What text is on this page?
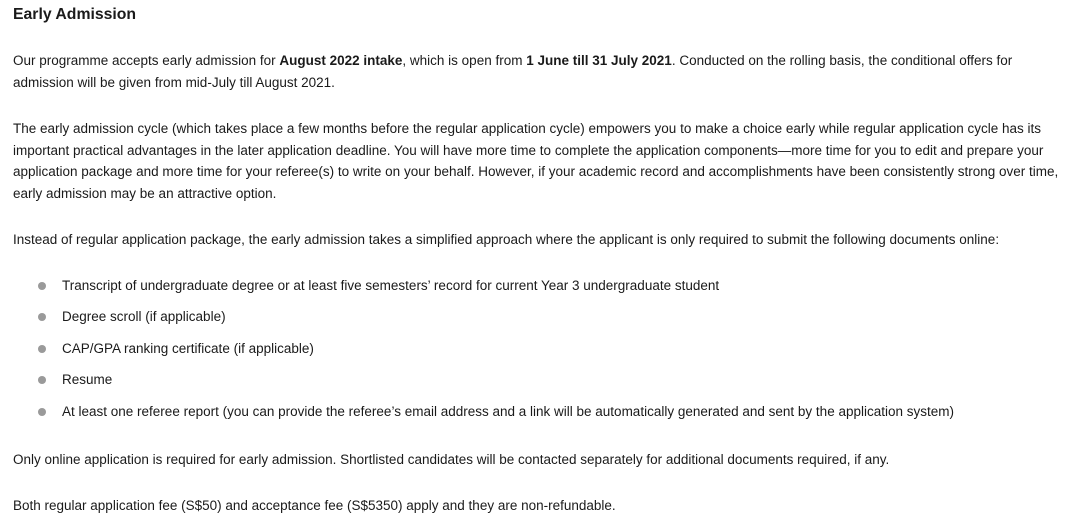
Early Admission

Our programme accepts early admission for August 2022 intake, which is open from 1 June till 31 July 2021. Conducted on the rolling basis, the conditional offers for admission will be given from mid-July till August 2021.

The early admission cycle (which takes place a few months before the regular application cycle) empowers you to make a choice early while regular application cycle has its important practical advantages in the later application deadline. You will have more time to complete the application components—more time for you to edit and prepare your application package and more time for your referee(s) to write on your behalf. However, if your academic record and accomplishments have been consistently strong over time, early admission may be an attractive option.

Instead of regular application package, the early admission takes a simplified approach where the applicant is only required to submit the following documents online:

Transcript of undergraduate degree or at least five semesters’ record for current Year 3 undergraduate student
Degree scroll (if applicable)
CAP/GPA ranking certificate (if applicable)
Resume
At least one referee report (you can provide the referee’s email address and a link will be automatically generated and sent by the application system)

Only online application is required for early admission. Shortlisted candidates will be contacted separately for additional documents required, if any.

Both regular application fee (S$50) and acceptance fee (S$5350) apply and they are non-refundable.
